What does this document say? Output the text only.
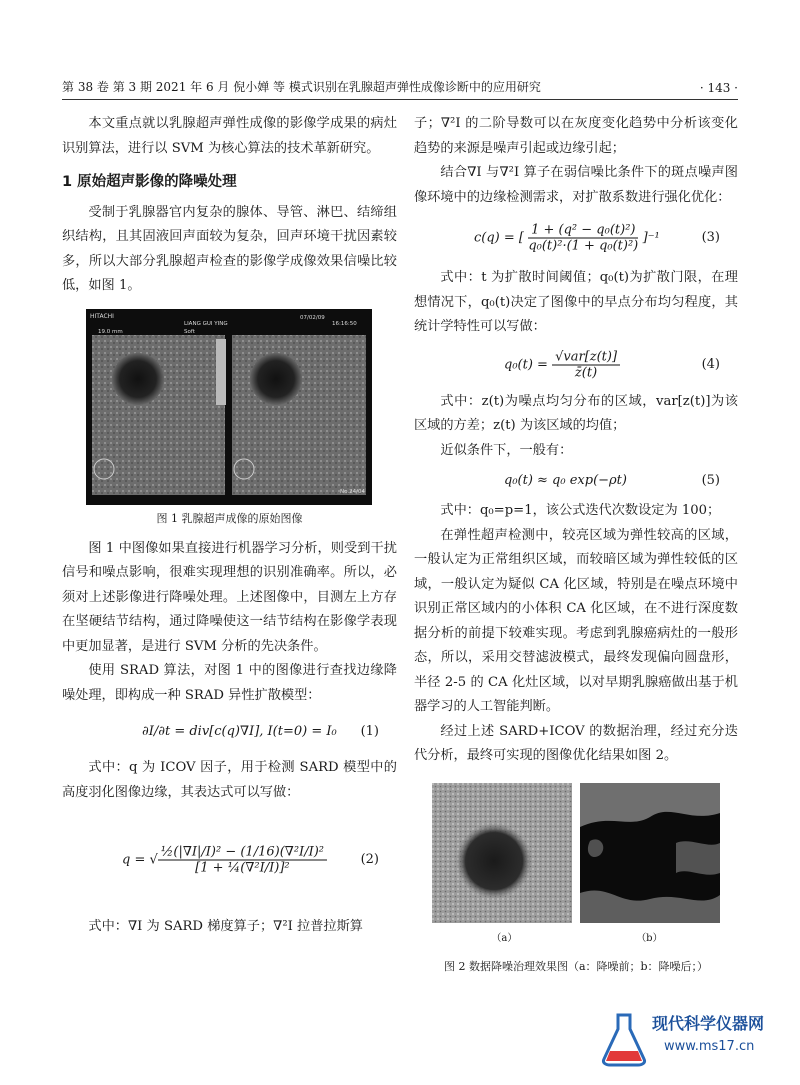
第 38 卷 第 3 期 2021 年 6 月 倪小婵 等 模式识别在乳腺超声弹性成像诊断中的应用研究	· 143 ·

本文重点就以乳腺超声弹性成像的影像学成果的病灶识别算法，进行以 SVM 为核心算法的技术革新研究。

1 原始超声影像的降噪处理

受制于乳腺器官内复杂的腺体、导管、淋巴、结缔组织结构，且其固液回声面较为复杂，回声环境干扰因素较多，所以大部分乳腺超声检查的影像学成像效果信噪比较低，如图 1。

HITACHI
LIANG GUI YING
07/02/09
16:16:50
19.0 mm	Soft
No.24/04
图 1 乳腺超声成像的原始图像

图 1 中图像如果直接进行机器学习分析，则受到干扰信号和噪点影响，很难实现理想的识别准确率。所以，必须对上述影像进行降噪处理。上述图像中，目测左上方存在坚硬结节结构，通过降噪使这一结节结构在影像学表现中更加显著，是进行 SVM 分析的先决条件。

使用 SRAD 算法，对图 1 中的图像进行查找边缘降噪处理，即构成一种 SRAD 异性扩散模型：

∂I/∂t = div[c(q)∇I], I(t=0) = I₀ (1)

式中：q 为 ICOV 因子，用于检测 SARD 模型中的高度羽化图像边缘，其表达式可以写做：

q = √ $\frac{\text{½(|∇I|/I)² − (1/16)(∇²I/I)²}}{\text{[1 + ¼(∇²I/I)]²}}$	(2)

式中：∇I 为 SARD 梯度算子；∇²I 拉普拉斯算

子；∇²I 的二阶导数可以在灰度变化趋势中分析该变化趋势的来源是噪声引起或边缘引起；

结合∇I 与∇²I 算子在弱信噪比条件下的斑点噪声图像环境中的边缘检测需求，对扩散系数进行强化优化：

c(q) = [ $\frac{\text{1 + (q² − q₀(t)²)}}{\text{q₀(t)²·(1 + q₀(t)²)}} ]^{-1}$	(3)

式中：t 为扩散时间阈值；q₀(t)为扩散门限，在理想情况下，q₀(t)决定了图像中的早点分布均匀程度，其统计学特性可以写做：

$q_0(t) = \frac{\text{√var[z(t)]}}{z̄(t)}$	(4)

式中：z(t)为噪点均匀分布的区域，var[z(t)]为该区域的方差；z(t) 为该区域的均值；

近似条件下，一般有：

q₀(t) ≈ q₀ exp(−ρt)	(5)

式中：q₀=p=1，该公式迭代次数设定为 100；

在弹性超声检测中，较亮区域为弹性较高的区域，一般认定为正常组织区域，而较暗区域为弹性较低的区域，一般认定为疑似 CA 化区域，特别是在噪点环境中识别正常区域内的小体积 CA 化区域，在不进行深度数据分析的前提下较难实现。考虑到乳腺癌病灶的一般形态，所以，采用交替滤波模式，最终发现偏向圆盘形，半径 2-5 的 CA 化灶区域，以对早期乳腺癌做出基于机器学习的人工智能判断。

经过上述 SARD+ICOV 的数据治理，经过充分迭代分析，最终可实现的图像优化结果如图 2。

（a）	（b）
图 2 数据降噪治理效果图（a：降噪前；b：降噪后；）
现代科学仪器网
www.ms17.cn
